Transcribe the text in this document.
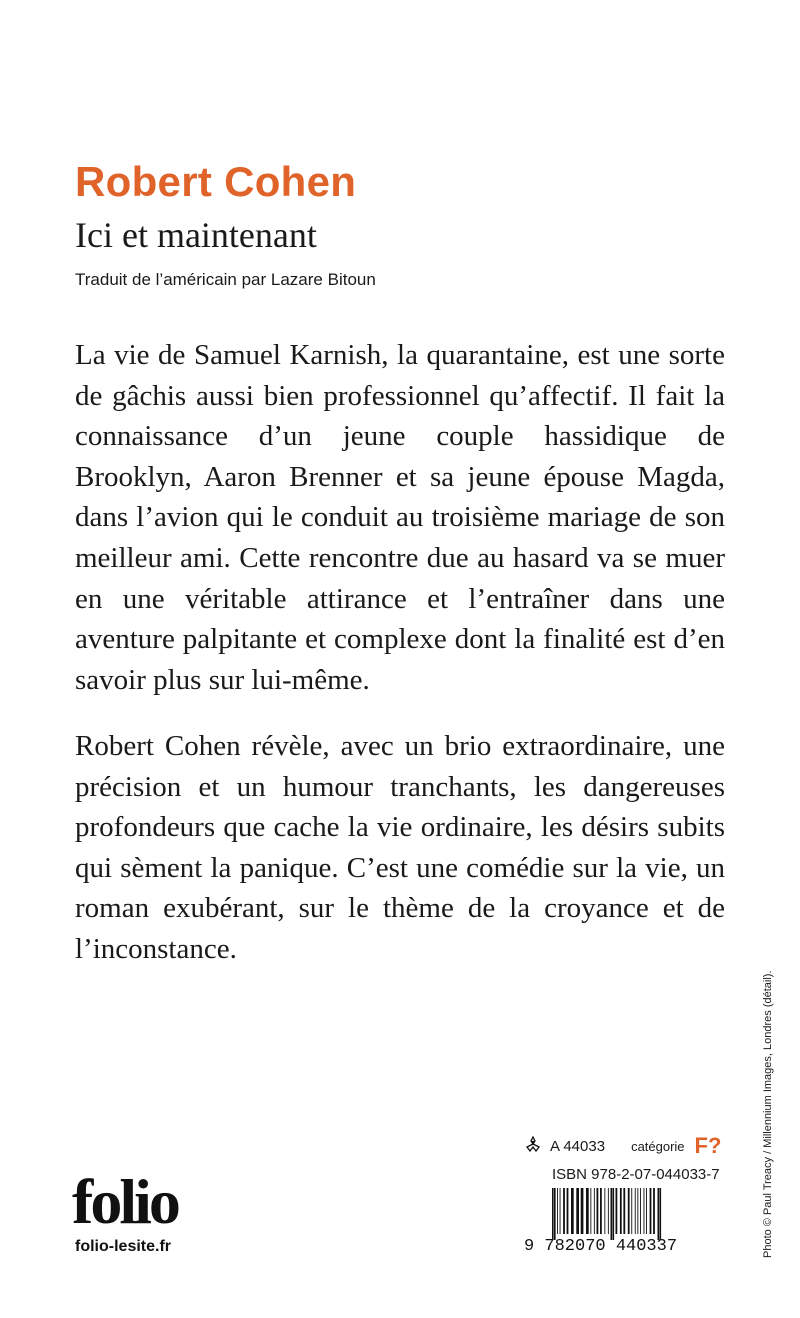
Robert Cohen
Ici et maintenant
Traduit de l’américain par Lazare Bitoun
La vie de Samuel Karnish, la quarantaine, est une sorte de gâchis aussi bien professionnel qu’affectif. Il fait la connaissance d’un jeune couple hassidique de Brooklyn, Aaron Brenner et sa jeune épouse Magda, dans l’avion qui le conduit au troisième mariage de son meilleur ami. Cette rencontre due au hasard va se muer en une véritable attirance et l’entraîner dans une aventure palpitante et complexe dont la finalité est d’en savoir plus sur lui-même.
Robert Cohen révèle, avec un brio extraordinaire, une précision et un humour tranchants, les dangereuses profondeurs que cache la vie ordinaire, les désirs subits qui sèment la panique. C’est une comédie sur la vie, un roman exubérant, sur le thème de la croyance et de l’inconstance.
Photo © Paul Treacy / Millennium Images, Londres (détail).
folio
folio-lesite.fr
A 44033 catégorie F?
ISBN 978-2-07-044033-7
9 782070 440337
